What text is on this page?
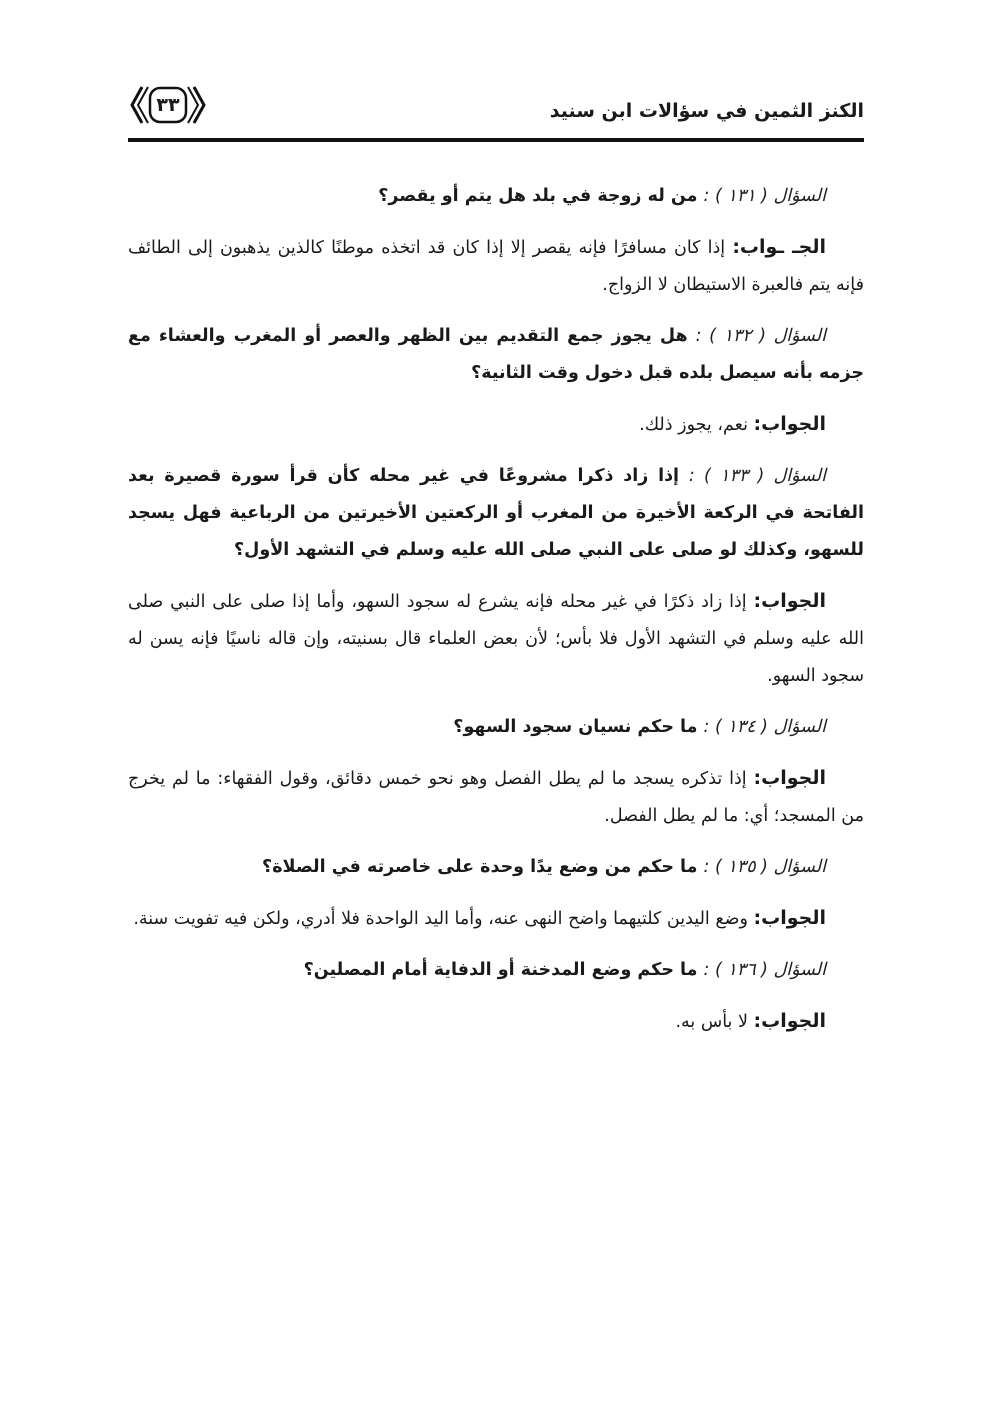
الكنز الثمين في سؤالات ابن سنيد
٣٣

السؤال ( ١٣١ ) : من له زوجة في بلد هل يتم أو يقصر؟

الجـ ـواب: إذا كان مسافرًا فإنه يقصر إلا إذا كان قد اتخذه موطنًا كالذين يذهبون إلى الطائف فإنه يتم فالعبرة الاستيطان لا الزواج.

السؤال ( ١٣٢ ) : هل يجوز جمع التقديم بين الظهر والعصر أو المغرب والعشاء مع جزمه بأنه سيصل بلده قبل دخول وقت الثانية؟

الجواب: نعم، يجوز ذلك.

السؤال ( ١٣٣ ) : إذا زاد ذكرا مشروعًا في غير محله كأن قرأ سورة قصيرة بعد الفاتحة في الركعة الأخيرة من المغرب أو الركعتين الأخيرتين من الرباعية فهل يسجد للسهو، وكذلك لو صلى على النبي صلى الله عليه وسلم في التشهد الأول؟

الجواب: إذا زاد ذكرًا في غير محله فإنه يشرع له سجود السهو، وأما إذا صلى على النبي صلى الله عليه وسلم في التشهد الأول فلا بأس؛ لأن بعض العلماء قال بسنيته، وإن قاله ناسيًا فإنه يسن له سجود السهو.

السؤال ( ١٣٤ ) : ما حكم نسيان سجود السهو؟

الجواب: إذا تذكره يسجد ما لم يطل الفصل وهو نحو خمس دقائق، وقول الفقهاء: ما لم يخرج من المسجد؛ أي: ما لم يطل الفصل.

السؤال ( ١٣٥ ) : ما حكم من وضع يدًا وحدة على خاصرته في الصلاة؟

الجواب: وضع اليدين كلتيهما واضح النهى عنه، وأما اليد الواحدة فلا أدري، ولكن فيه تفويت سنة.

السؤال ( ١٣٦ ) : ما حكم وضع المدخنة أو الدفاية أمام المصلين؟

الجواب: لا بأس به.
